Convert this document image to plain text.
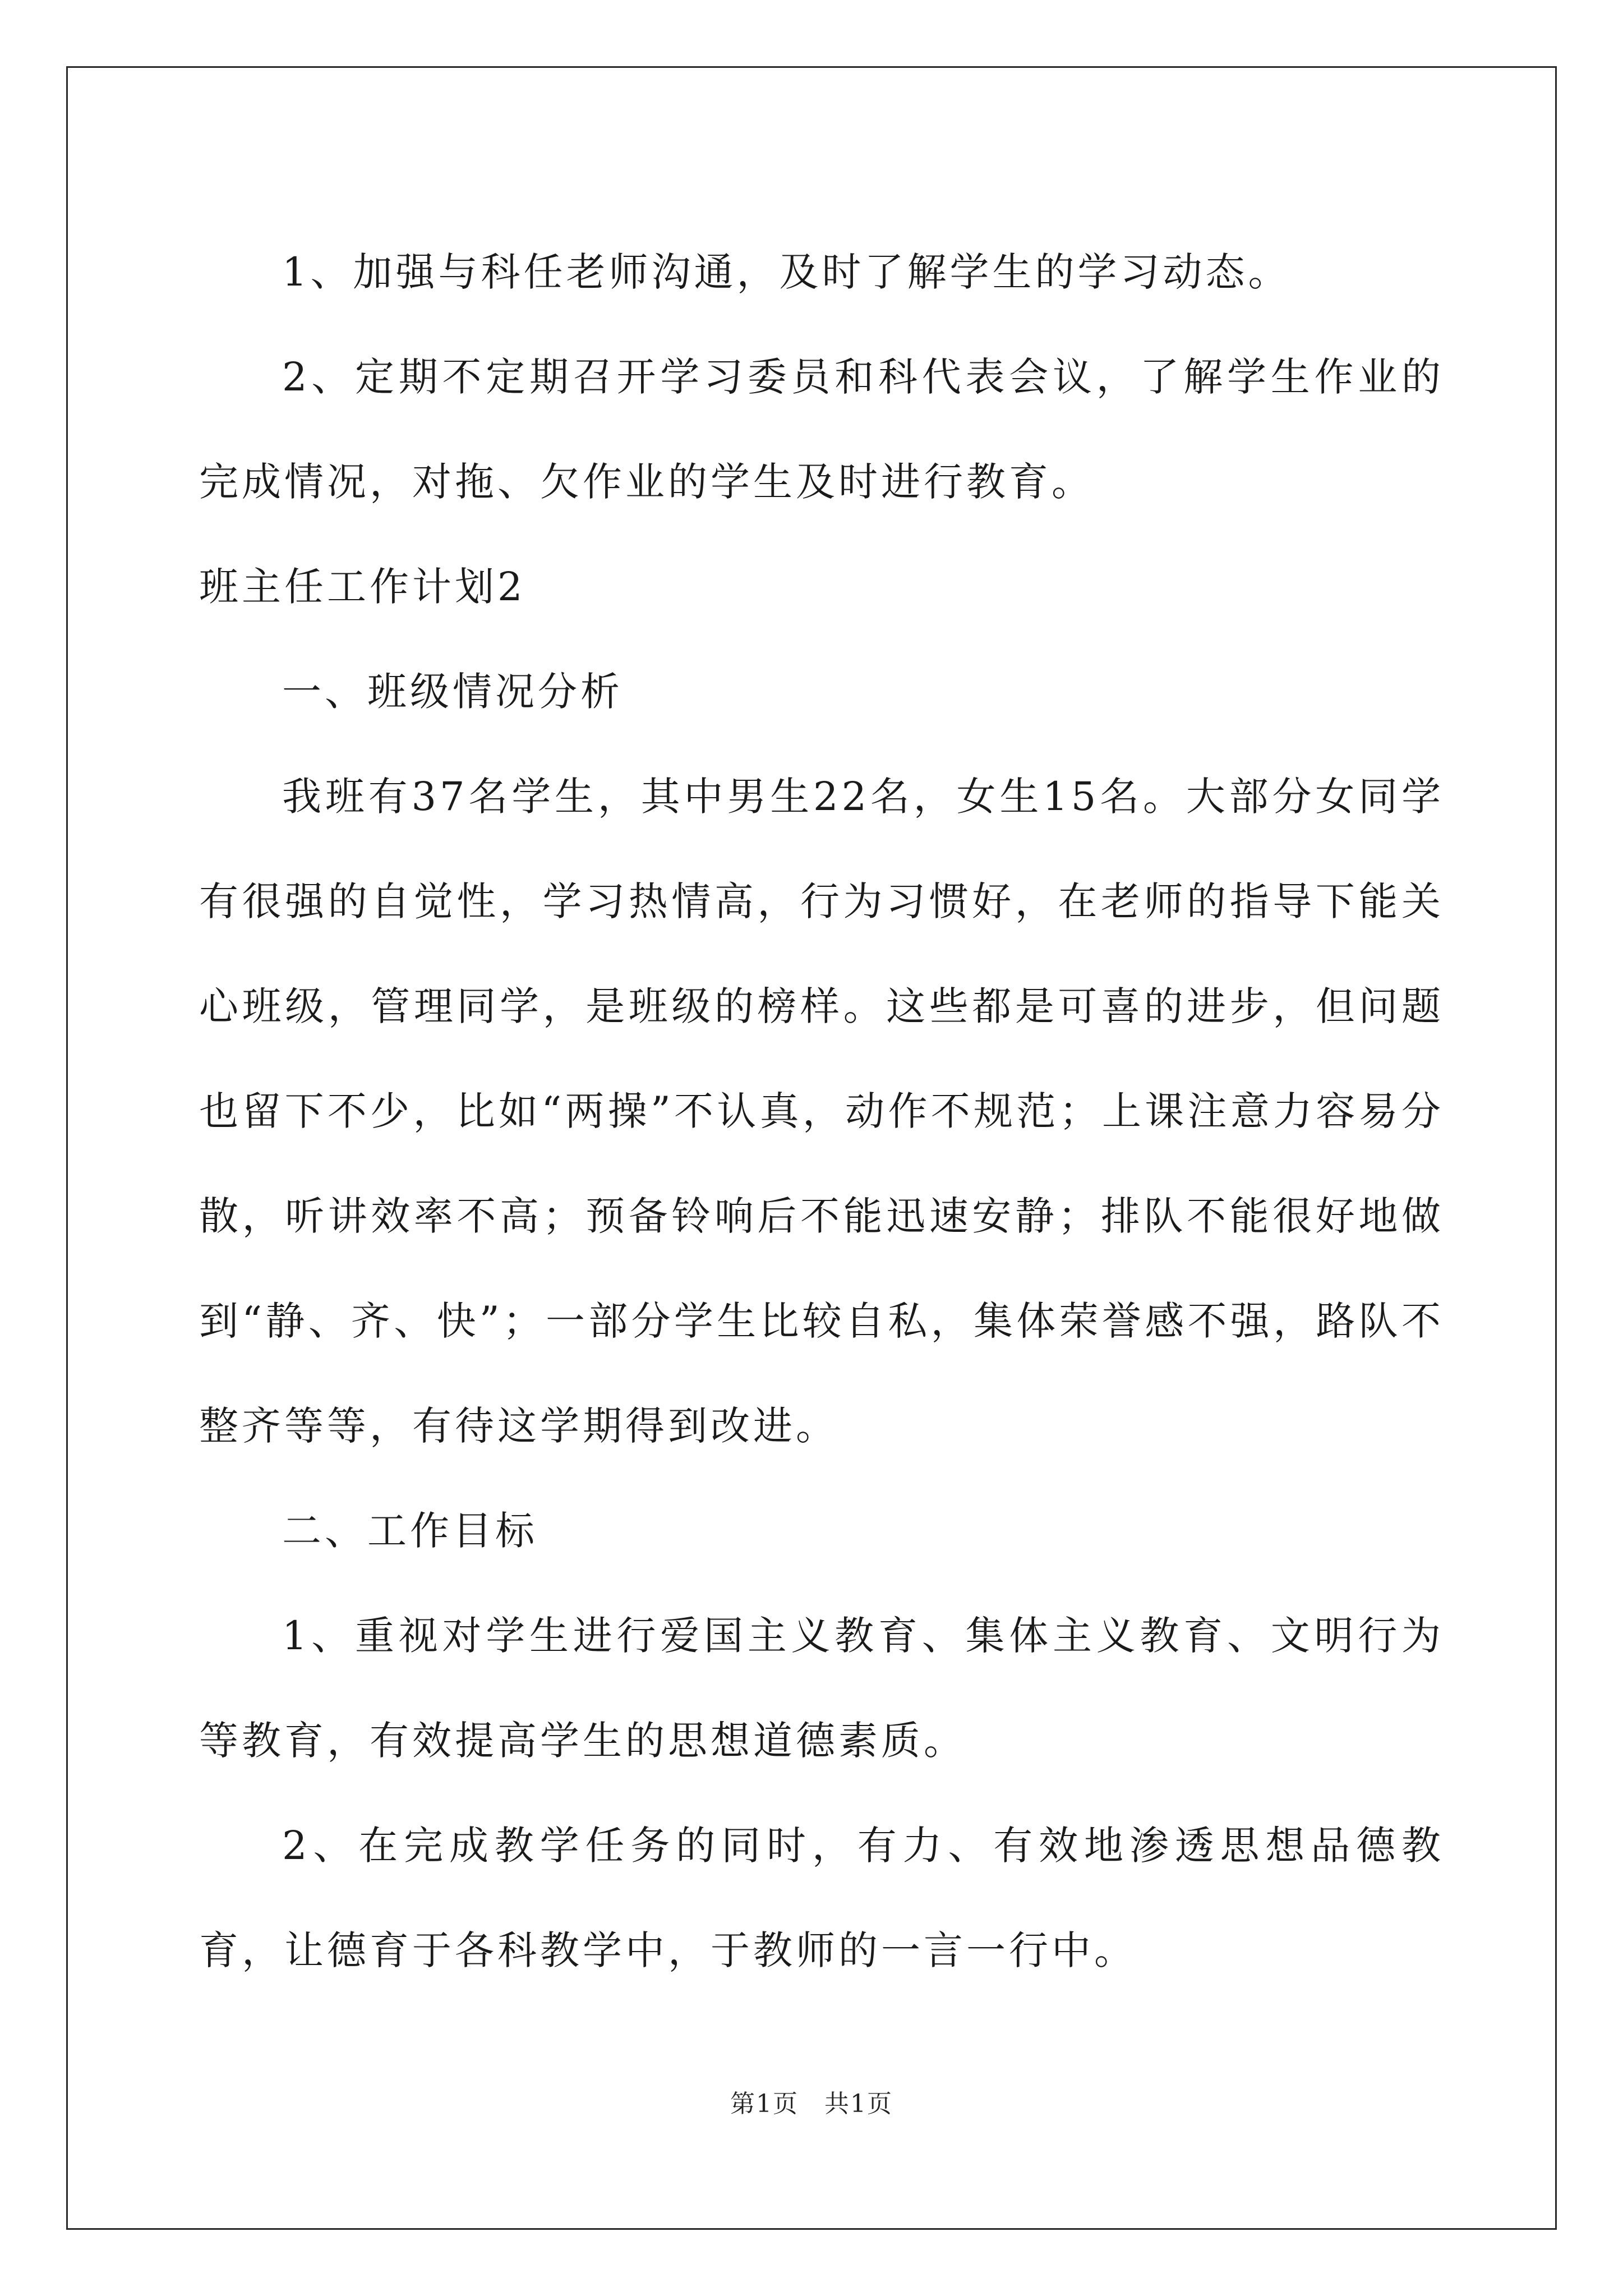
1、加强与科任老师沟通，及时了解学生的学习动态。

2、定期不定期召开学习委员和科代表会议，了解学生作业的完成情况，对拖、欠作业的学生及时进行教育。

班主任工作计划2

一、班级情况分析

我班有37名学生，其中男生22名，女生15名。大部分女同学有很强的自觉性，学习热情高，行为习惯好，在老师的指导下能关心班级，管理同学，是班级的榜样。这些都是可喜的进步，但问题也留下不少，比如“两操”不认真，动作不规范；上课注意力容易分散，听讲效率不高；预备铃响后不能迅速安静；排队不能很好地做到“静、齐、快”；一部分学生比较自私，集体荣誉感不强，路队不整齐等等，有待这学期得到改进。

二、工作目标

1、重视对学生进行爱国主义教育、集体主义教育、文明行为等教育，有效提高学生的思想道德素质。

2、在完成教学任务的同时，有力、有效地渗透思想品德教育，让德育于各科教学中，于教师的一言一行中。

第1页　共1页
